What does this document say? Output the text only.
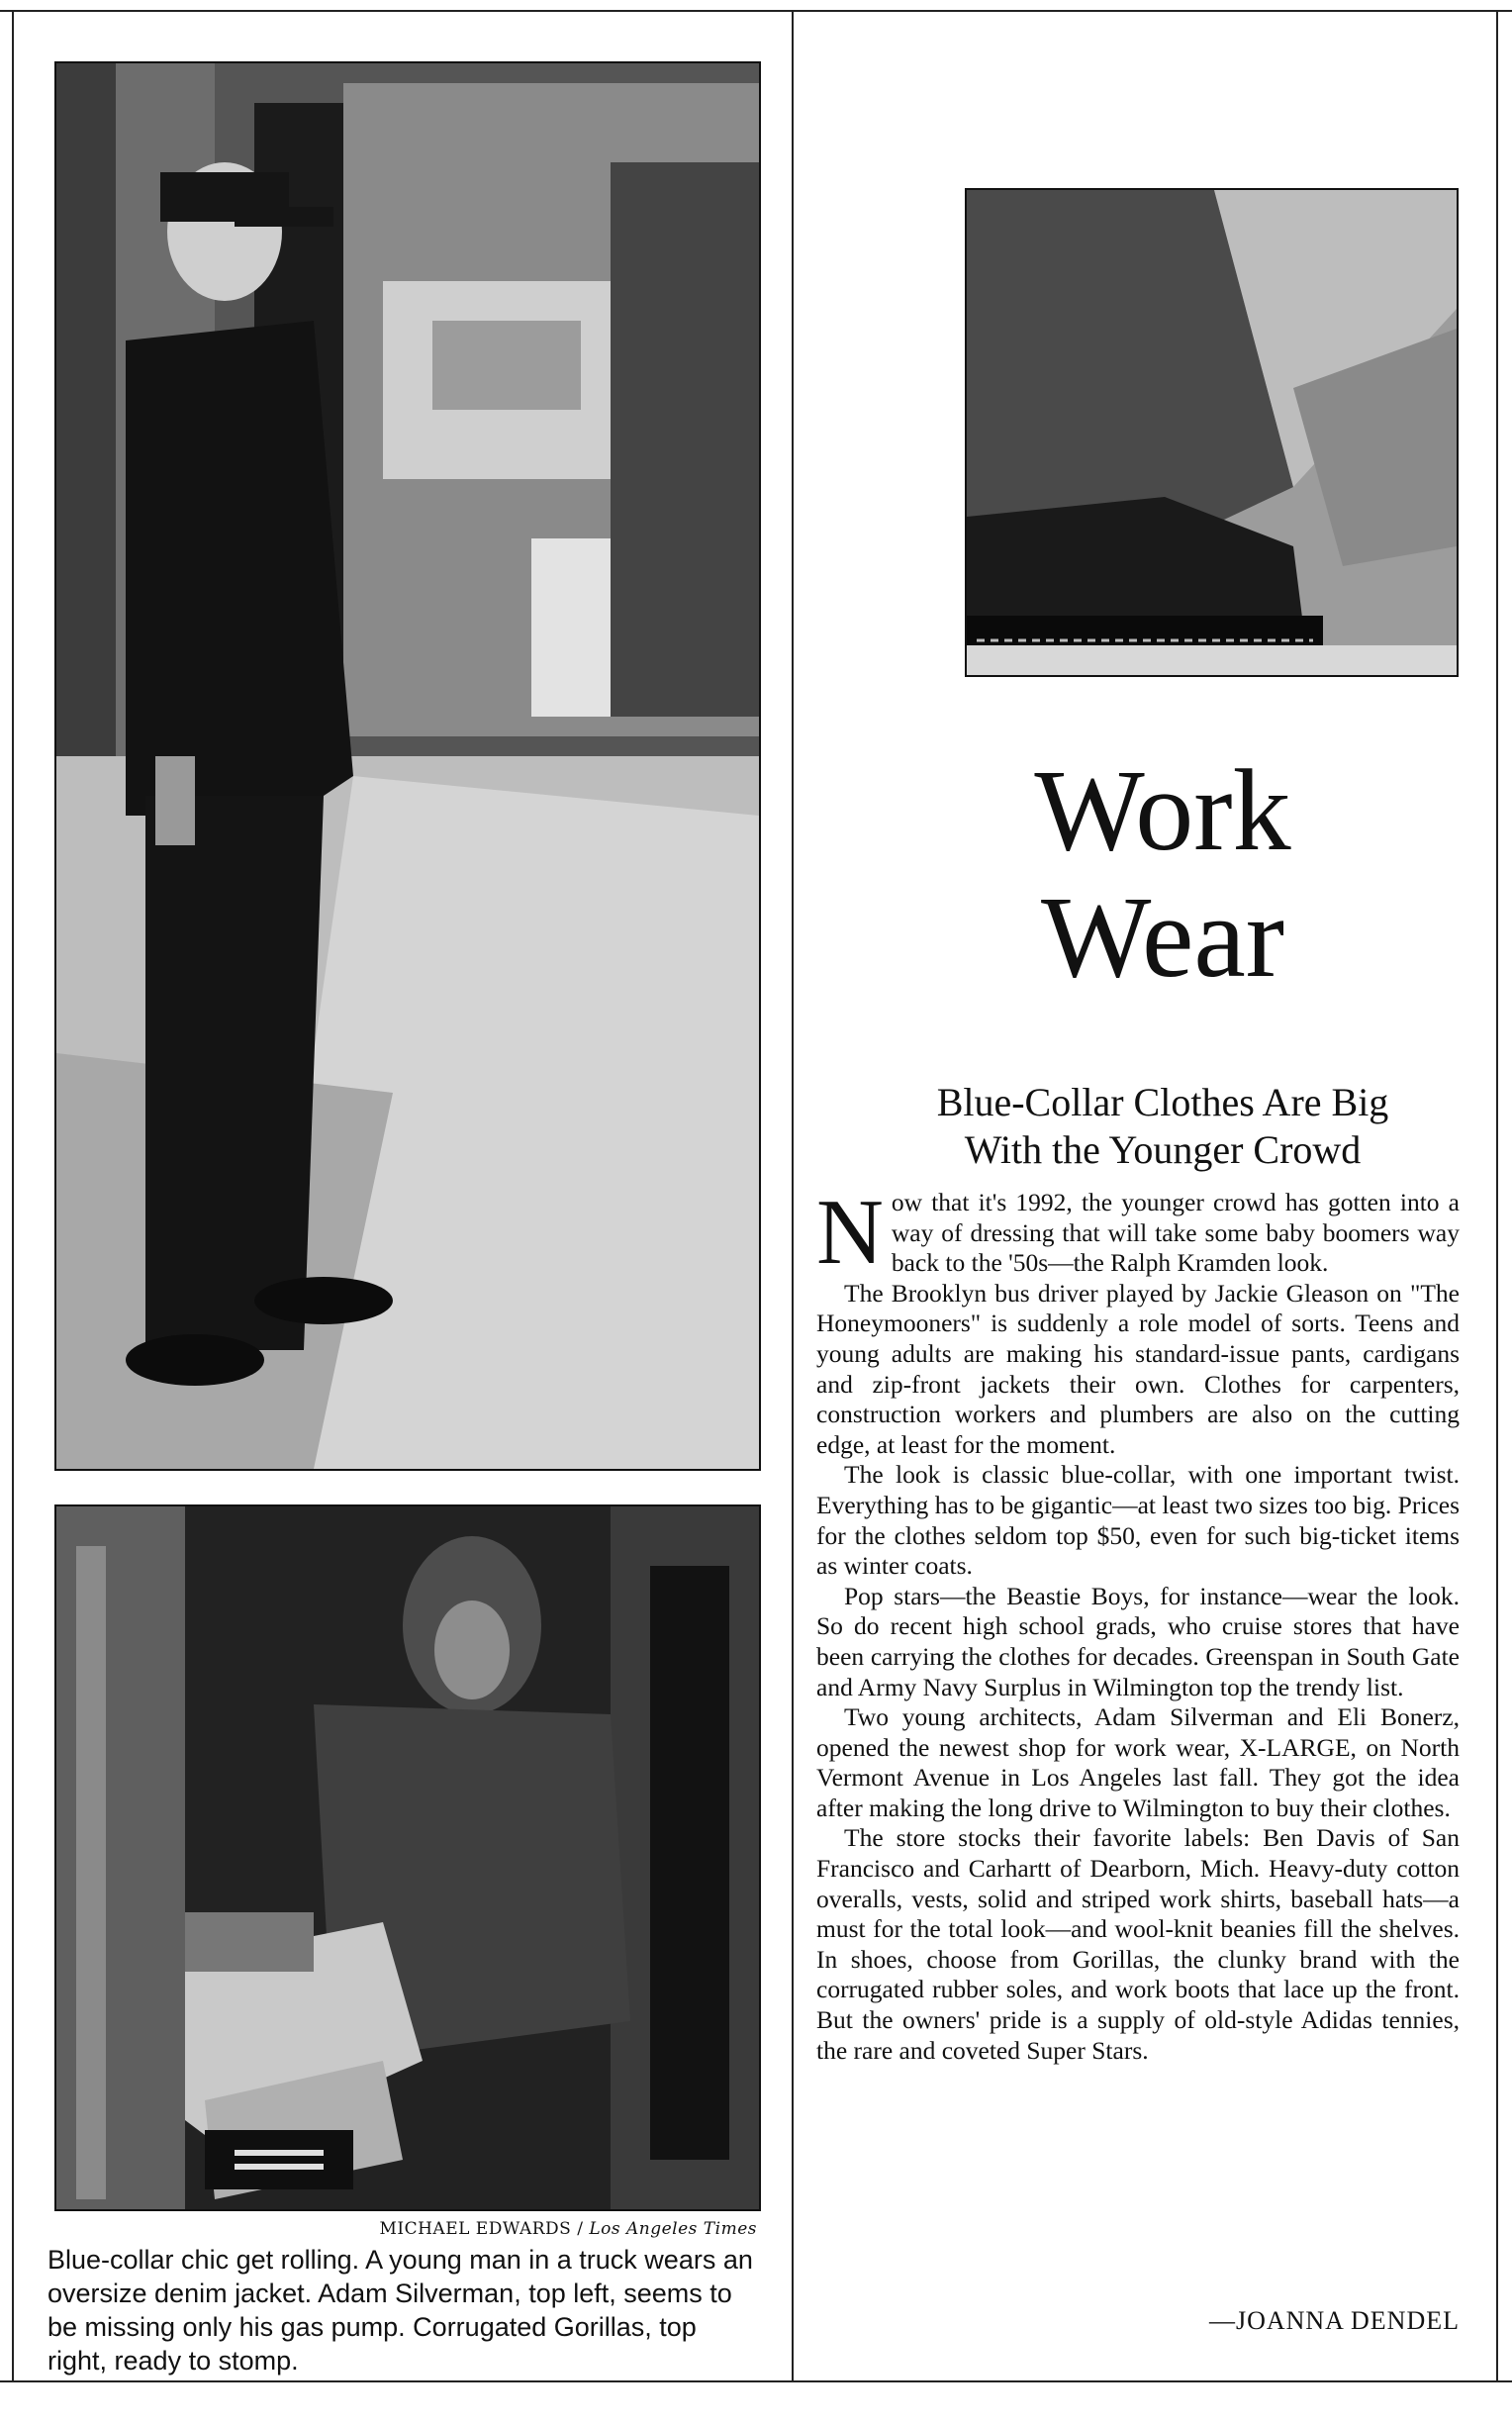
MICHAEL EDWARDS / Los Angeles Times
Blue-collar chic get rolling. A young man in a truck wears an oversize denim jacket. Adam Silverman, top left, seems to be missing only his gas pump. Corrugated Gorillas, top right, ready to stomp.
Work
Wear
Blue-Collar Clothes Are Big
With the Younger Crowd

Now that it's 1992, the younger crowd has gotten into a way of dressing that will take some baby boomers way back to the '50s—the Ralph Kramden look.

The Brooklyn bus driver played by Jackie Gleason on "The Honeymooners" is suddenly a role model of sorts. Teens and young adults are making his standard-issue pants, cardigans and zip-front jackets their own. Clothes for carpenters, construction workers and plumbers are also on the cutting edge, at least for the moment.

The look is classic blue-collar, with one important twist. Everything has to be gigantic—at least two sizes too big. Prices for the clothes seldom top $50, even for such big-ticket items as winter coats.

Pop stars—the Beastie Boys, for instance—wear the look. So do recent high school grads, who cruise stores that have been carrying the clothes for decades. Greenspan in South Gate and Army Navy Surplus in Wilmington top the trendy list.

Two young architects, Adam Silverman and Eli Bonerz, opened the newest shop for work wear, X-LARGE, on North Vermont Avenue in Los Angeles last fall. They got the idea after making the long drive to Wilmington to buy their clothes.

The store stocks their favorite labels: Ben Davis of San Francisco and Carhartt of Dearborn, Mich. Heavy-duty cotton overalls, vests, solid and striped work shirts, baseball hats—a must for the total look—and wool-knit beanies fill the shelves. In shoes, choose from Gorillas, the clunky brand with the corrugated rubber soles, and work boots that lace up the front. But the owners' pride is a supply of old-style Adidas tennies, the rare and coveted Super Stars.

—JOANNA DENDEL
